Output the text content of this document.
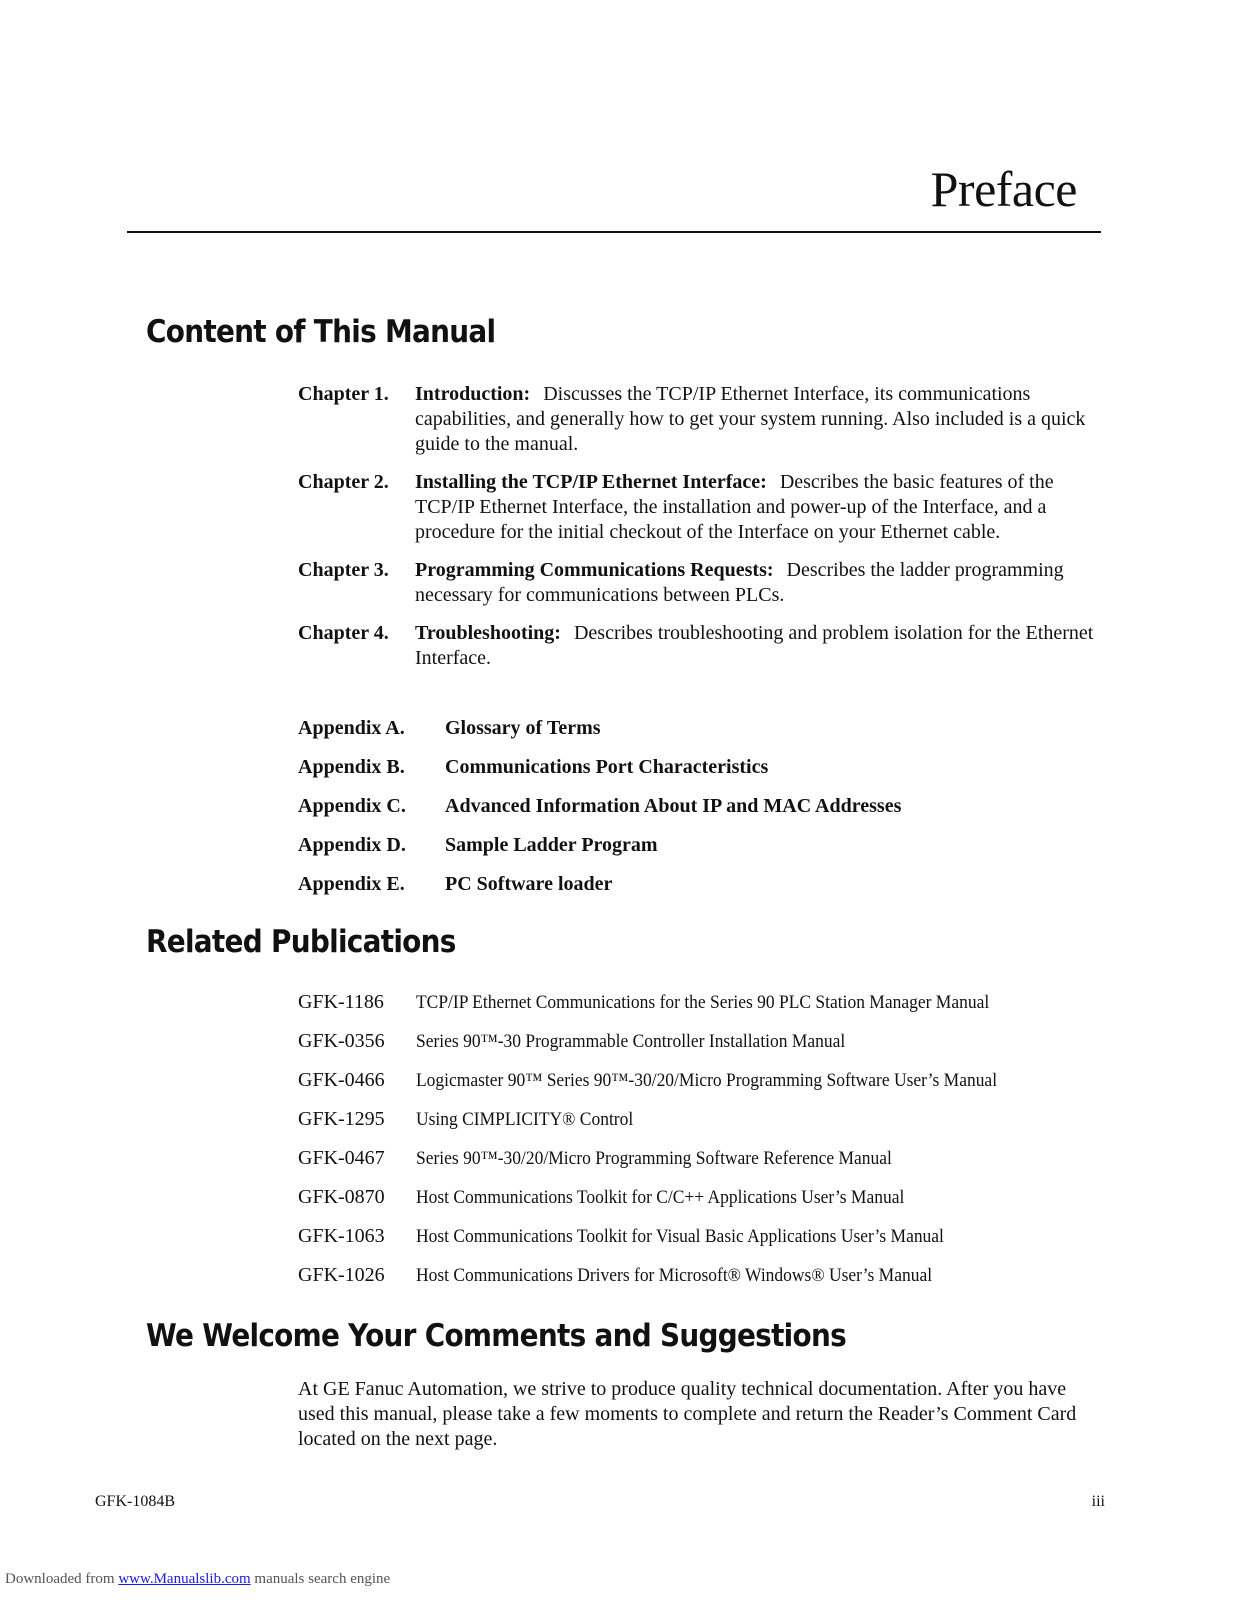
Preface
Content of This Manual
Chapter 1.	Introduction: Discusses the TCP/IP Ethernet Interface, its communications capabilities, and generally how to get your system running. Also included is a quick guide to the manual.
Chapter 2.	Installing the TCP/IP Ethernet Interface: Describes the basic features of the TCP/IP Ethernet Interface, the installation and power-up of the Interface, and a procedure for the initial checkout of the Interface on your Ethernet cable.
Chapter 3.	Programming Communications Requests: Describes the ladder programming necessary for communications between PLCs.
Chapter 4.	Troubleshooting: Describes troubleshooting and problem isolation for the Ethernet Interface.
Appendix A.	Glossary of Terms
Appendix B.	Communications Port Characteristics
Appendix C.	Advanced Information About IP and MAC Addresses
Appendix D.	Sample Ladder Program
Appendix E.	PC Software loader
Related Publications
GFK-1186	TCP/IP Ethernet Communications for the Series 90 PLC Station Manager Manual
GFK-0356	Series 90™-30 Programmable Controller Installation Manual
GFK-0466	Logicmaster 90™ Series 90™-30/20/Micro Programming Software User’s Manual
GFK-1295	Using CIMPLICITY® Control
GFK-0467	Series 90™-30/20/Micro Programming Software Reference Manual
GFK-0870	Host Communications Toolkit for C/C++ Applications User’s Manual
GFK-1063	Host Communications Toolkit for Visual Basic Applications User’s Manual
GFK-1026	Host Communications Drivers for Microsoft® Windows® User’s Manual
We Welcome Your Comments and Suggestions

At GE Fanuc Automation, we strive to produce quality technical documentation. After you have used this manual, please take a few moments to complete and return the Reader’s Comment Card located on the next page.

GFK-1084B	iii
Downloaded from www.Manualslib.com manuals search engine
